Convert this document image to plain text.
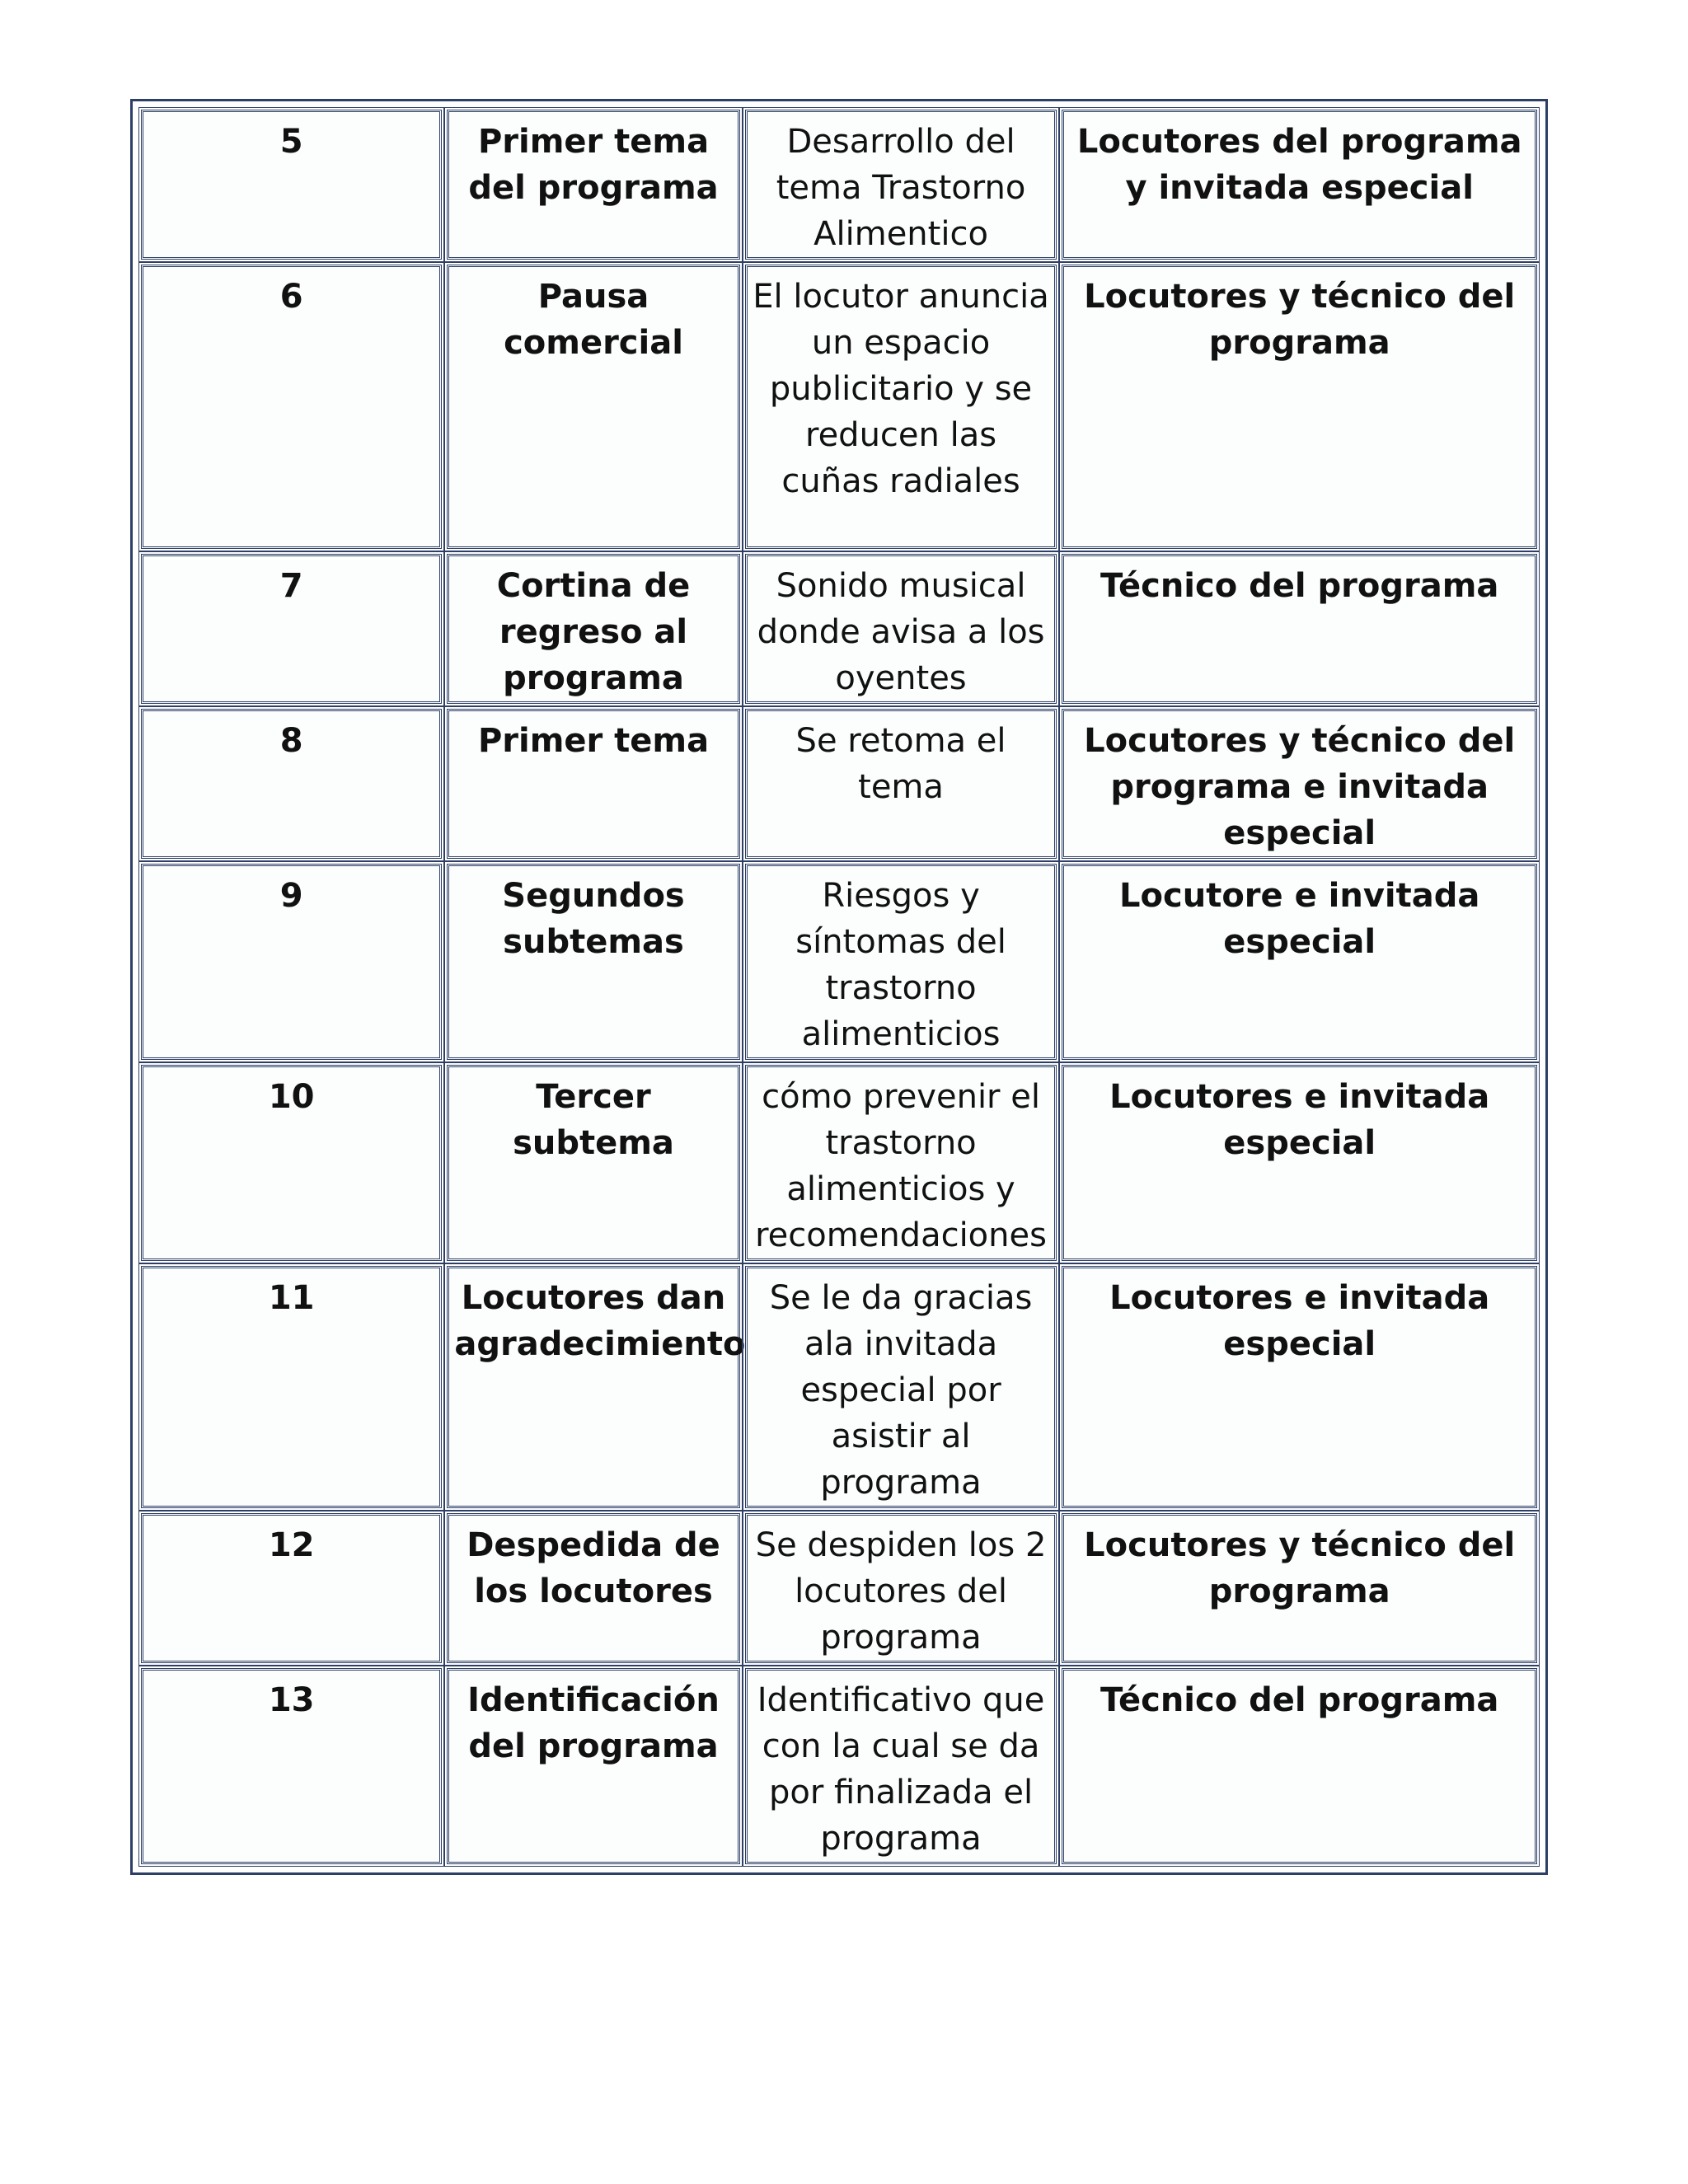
5	Primer tema del programa	Desarrollo del tema Trastorno Alimentico	Locutores del programa y invitada especial
6	Pausa comercial	El locutor anuncia un espacio publicitario y se reducen las cuñas radiales	Locutores y técnico del programa
7	Cortina de regreso al programa	Sonido musical donde avisa a los oyentes	Técnico del programa
8	Primer tema	Se retoma el tema	Locutores y técnico del programa e invitada especial
9	Segundos subtemas	Riesgos y síntomas del trastorno alimenticios	Locutore e invitada especial
10	Tercer subtema	cómo prevenir el trastorno alimenticios y recomendaciones	Locutores e invitada especial
11	Locutores dan agradecimiento	Se le da gracias ala invitada especial por asistir al programa	Locutores e invitada especial
12	Despedida de los locutores	Se despiden los 2 locutores del programa	Locutores y técnico del programa
13	Identificación del programa	Identificativo que con la cual se da por finalizada el programa	Técnico del programa
